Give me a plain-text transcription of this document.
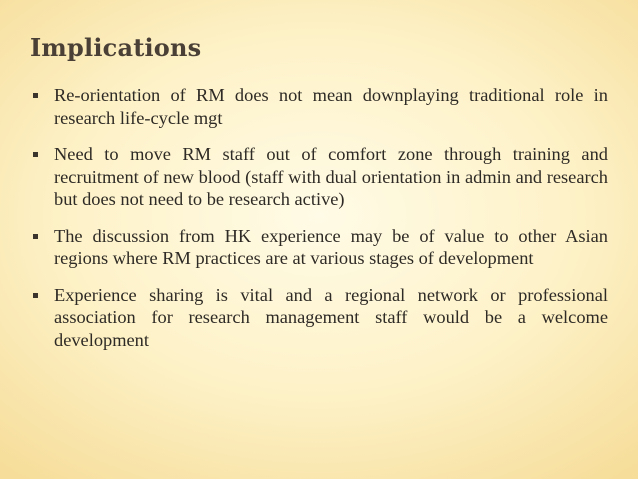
Implications
Re-orientation of RM does not mean downplaying traditional role in research life-cycle mgt
Need to move RM staff out of comfort zone through training and recruitment of new blood (staff with dual orientation in admin and research but does not need to be research active)
The discussion from HK experience may be of value to other Asian regions where RM practices are at various stages of development
Experience sharing is vital and a regional network or professional association for research management staff would be a welcome development
